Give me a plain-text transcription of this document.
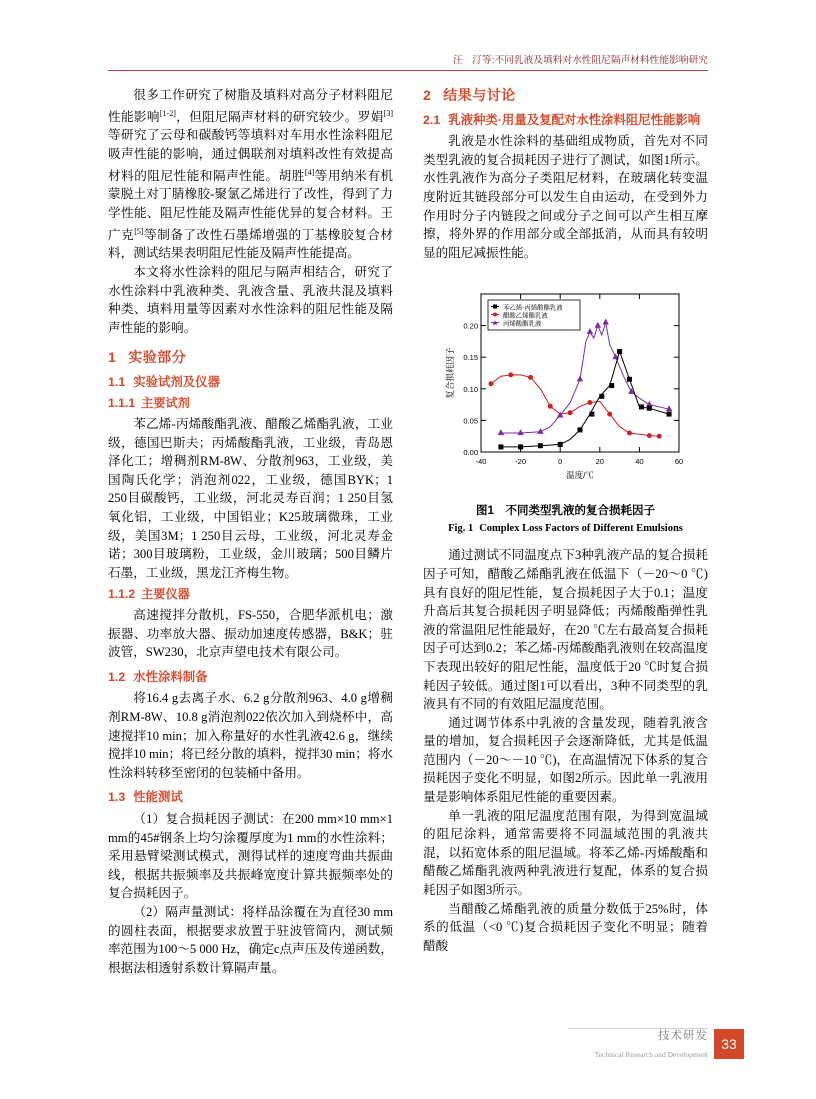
汪　汀等:不同乳液及填料对水性阻尼隔声材料性能影响研究

很多工作研究了树脂及填料对高分子材料阻尼性能影响[1-2]，但阻尼隔声材料的研究较少。罗娟[3]等研究了云母和碳酸钙等填料对车用水性涂料阻尼吸声性能的影响，通过偶联剂对填料改性有效提高材料的阻尼性能和隔声性能。胡胜[4]等用纳米有机蒙脱土对丁腈橡胶-聚氯乙烯进行了改性，得到了力学性能、阻尼性能及隔声性能优异的复合材料。王广克[5]等制备了改性石墨烯增强的丁基橡胶复合材料，测试结果表明阻尼性能及隔声性能提高。

本文将水性涂料的阻尼与隔声相结合，研究了水性涂料中乳液种类、乳液含量、乳液共混及填料种类、填料用量等因素对水性涂料的阻尼性能及隔声性能的影响。

1 实验部分
1.1 实验试剂及仪器
1.1.1 主要试剂

苯乙烯-丙烯酸酯乳液、醋酸乙烯酯乳液，工业级，德国巴斯夫；丙烯酸酯乳液，工业级，青岛恩泽化工；增稠剂RM-8W、分散剂963，工业级，美国陶氏化学；消泡剂022，工业级，德国BYK；1 250目碳酸钙，工业级，河北灵寿百润；1 250目氢氧化铝，工业级，中国铝业；K25玻璃微珠，工业级，美国3M；1 250目云母，工业级，河北灵寿金诺；300目玻璃粉，工业级，金川玻璃；500目鳞片石墨，工业级，黑龙江齐梅生物。

1.1.2 主要仪器

高速搅拌分散机，FS-550，合肥华派机电；激振器、功率放大器、振动加速度传感器，B&K；驻波管，SW230，北京声望电技术有限公司。

1.2 水性涂料制备

将16.4 g去离子水、6.2 g分散剂963、4.0 g增稠剂RM-8W、10.8 g消泡剂022依次加入到烧杯中，高速搅拌10 min；加入称量好的水性乳液42.6 g，继续搅拌10 min；将已经分散的填料，搅拌30 min；将水性涂料转移至密闭的包装桶中备用。

1.3 性能测试

（1）复合损耗因子测试：在200 mm×10 mm×1 mm的45#钢条上均匀涂覆厚度为1 mm的水性涂料；采用悬臂梁测试模式，测得试样的速度弯曲共振曲线，根据共振频率及共振峰宽度计算共振频率处的复合损耗因子。

（2）隔声量测试：将样品涂覆在为直径30 mm的圆柱表面，根据要求放置于驻波管简内，测试频率范围为100～5 000 Hz，确定с点声压及传递函数，根据法相透射系数计算隔声量。

2 结果与讨论
2.1 乳液种类·用量及复配对水性涂料阻尼性能影响

乳液是水性涂料的基础组成物质，首先对不同类型乳液的复合损耗因子进行了测试，如图1所示。水性乳液作为高分子类阻尼材料，在玻璃化转变温度附近其链段部分可以发生自由运动，在受到外力作用时分子内链段之间或分子之间可以产生相互摩擦，将外界的作用部分或全部抵消，从而具有较明显的阻尼减振性能。

0.00
0.05
0.10
0.15
0.20
-40	-20	0	20	40	60
温度/℃
复合损耗因子
苯乙烯-丙烯酸酯乳液
醋酸乙烯酯乳液
丙烯酸酯乳液
图1　不同类型乳液的复合损耗因子
Fig. 1 Complex Loss Factors of Different Emulsions

通过测试不同温度点下3种乳液产品的复合损耗因子可知，醋酸乙烯酯乳液在低温下（－20～0 ℃)具有良好的阻尼性能，复合损耗因子大于0.1；温度升高后其复合损耗因子明显降低；丙烯酸酯弹性乳液的常温阻尼性能最好，在20 ℃左右最高复合损耗因子可达到0.2；苯乙烯-丙烯酸酯乳液则在较高温度下表现出较好的阻尼性能，温度低于20 ℃时复合损耗因子较低。通过图1可以看出，3种不同类型的乳液具有不同的有效阻尼温度范围。

通过调节体系中乳液的含量发现，随着乳液含量的增加，复合损耗因子会逐渐降低，尤其是低温范围内（－20～－10 ℃)，在高温情况下体系的复合损耗因子变化不明显，如图2所示。因此单一乳液用量是影响体系阻尼性能的重要因素。

单一乳液的阻尼温度范围有限，为得到宽温域的阻尼涂料，通常需要将不同温域范围的乳液共混，以拓宽体系的阻尼温域。将苯乙烯-丙烯酸酯和醋酸乙烯酯乳液两种乳液进行复配，体系的复合损耗因子如图3所示。

当醋酸乙烯酯乳液的质量分数低于25%时，体系的低温（<0 ℃)复合损耗因子变化不明显；随着醋酸

技术研发
Technical Research and Development
33
